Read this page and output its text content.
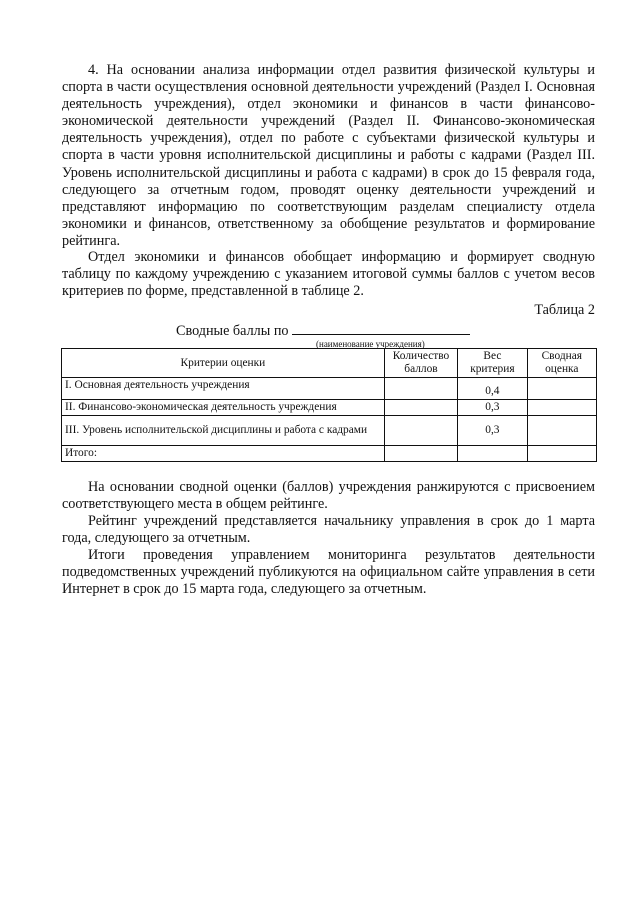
4. На основании анализа информации отдел развития физической культуры и спорта в части осуществления основной деятельности учреждений (Раздел I. Основная деятельность учреждения), отдел экономики и финансов в части финансово-экономической деятельности учреждений (Раздел II. Финансово-экономическая деятельность учреждения), отдел по работе с субъектами физической культуры и спорта в части уровня исполнительской дисциплины и работы с кадрами (Раздел III. Уровень исполнительской дисциплины и работа с кадрами) в срок до 15 февраля года, следующего за отчетным годом, проводят оценку деятельности учреждений и представляют информацию по соответствующим разделам специалисту отдела экономики и финансов, ответственному за обобщение результатов и формирование рейтинга.

Отдел экономики и финансов обобщает информацию и формирует сводную таблицу по каждому учреждению с указанием итоговой суммы баллов с учетом весов критериев по форме, представленной в таблице 2.

Таблица 2
Сводные баллы по
(наименование учреждения)
Критерии оценки	Количество баллов	Вес критерия	Сводная оценка
I. Основная деятельность учреждения		0,4	
II. Финансово-экономическая деятельность учреждения		0,3	
III. Уровень исполнительской дисциплины и работа с кадрами		0,3	
Итого:			

На основании сводной оценки (баллов) учреждения ранжируются с присвоением соответствующего места в общем рейтинге.

Рейтинг учреждений представляется начальнику управления в срок до 1 марта года, следующего за отчетным.

Итоги проведения управлением мониторинга результатов деятельности подведомственных учреждений публикуются на официальном сайте управления в сети Интернет в срок до 15 марта года, следующего за отчетным.
